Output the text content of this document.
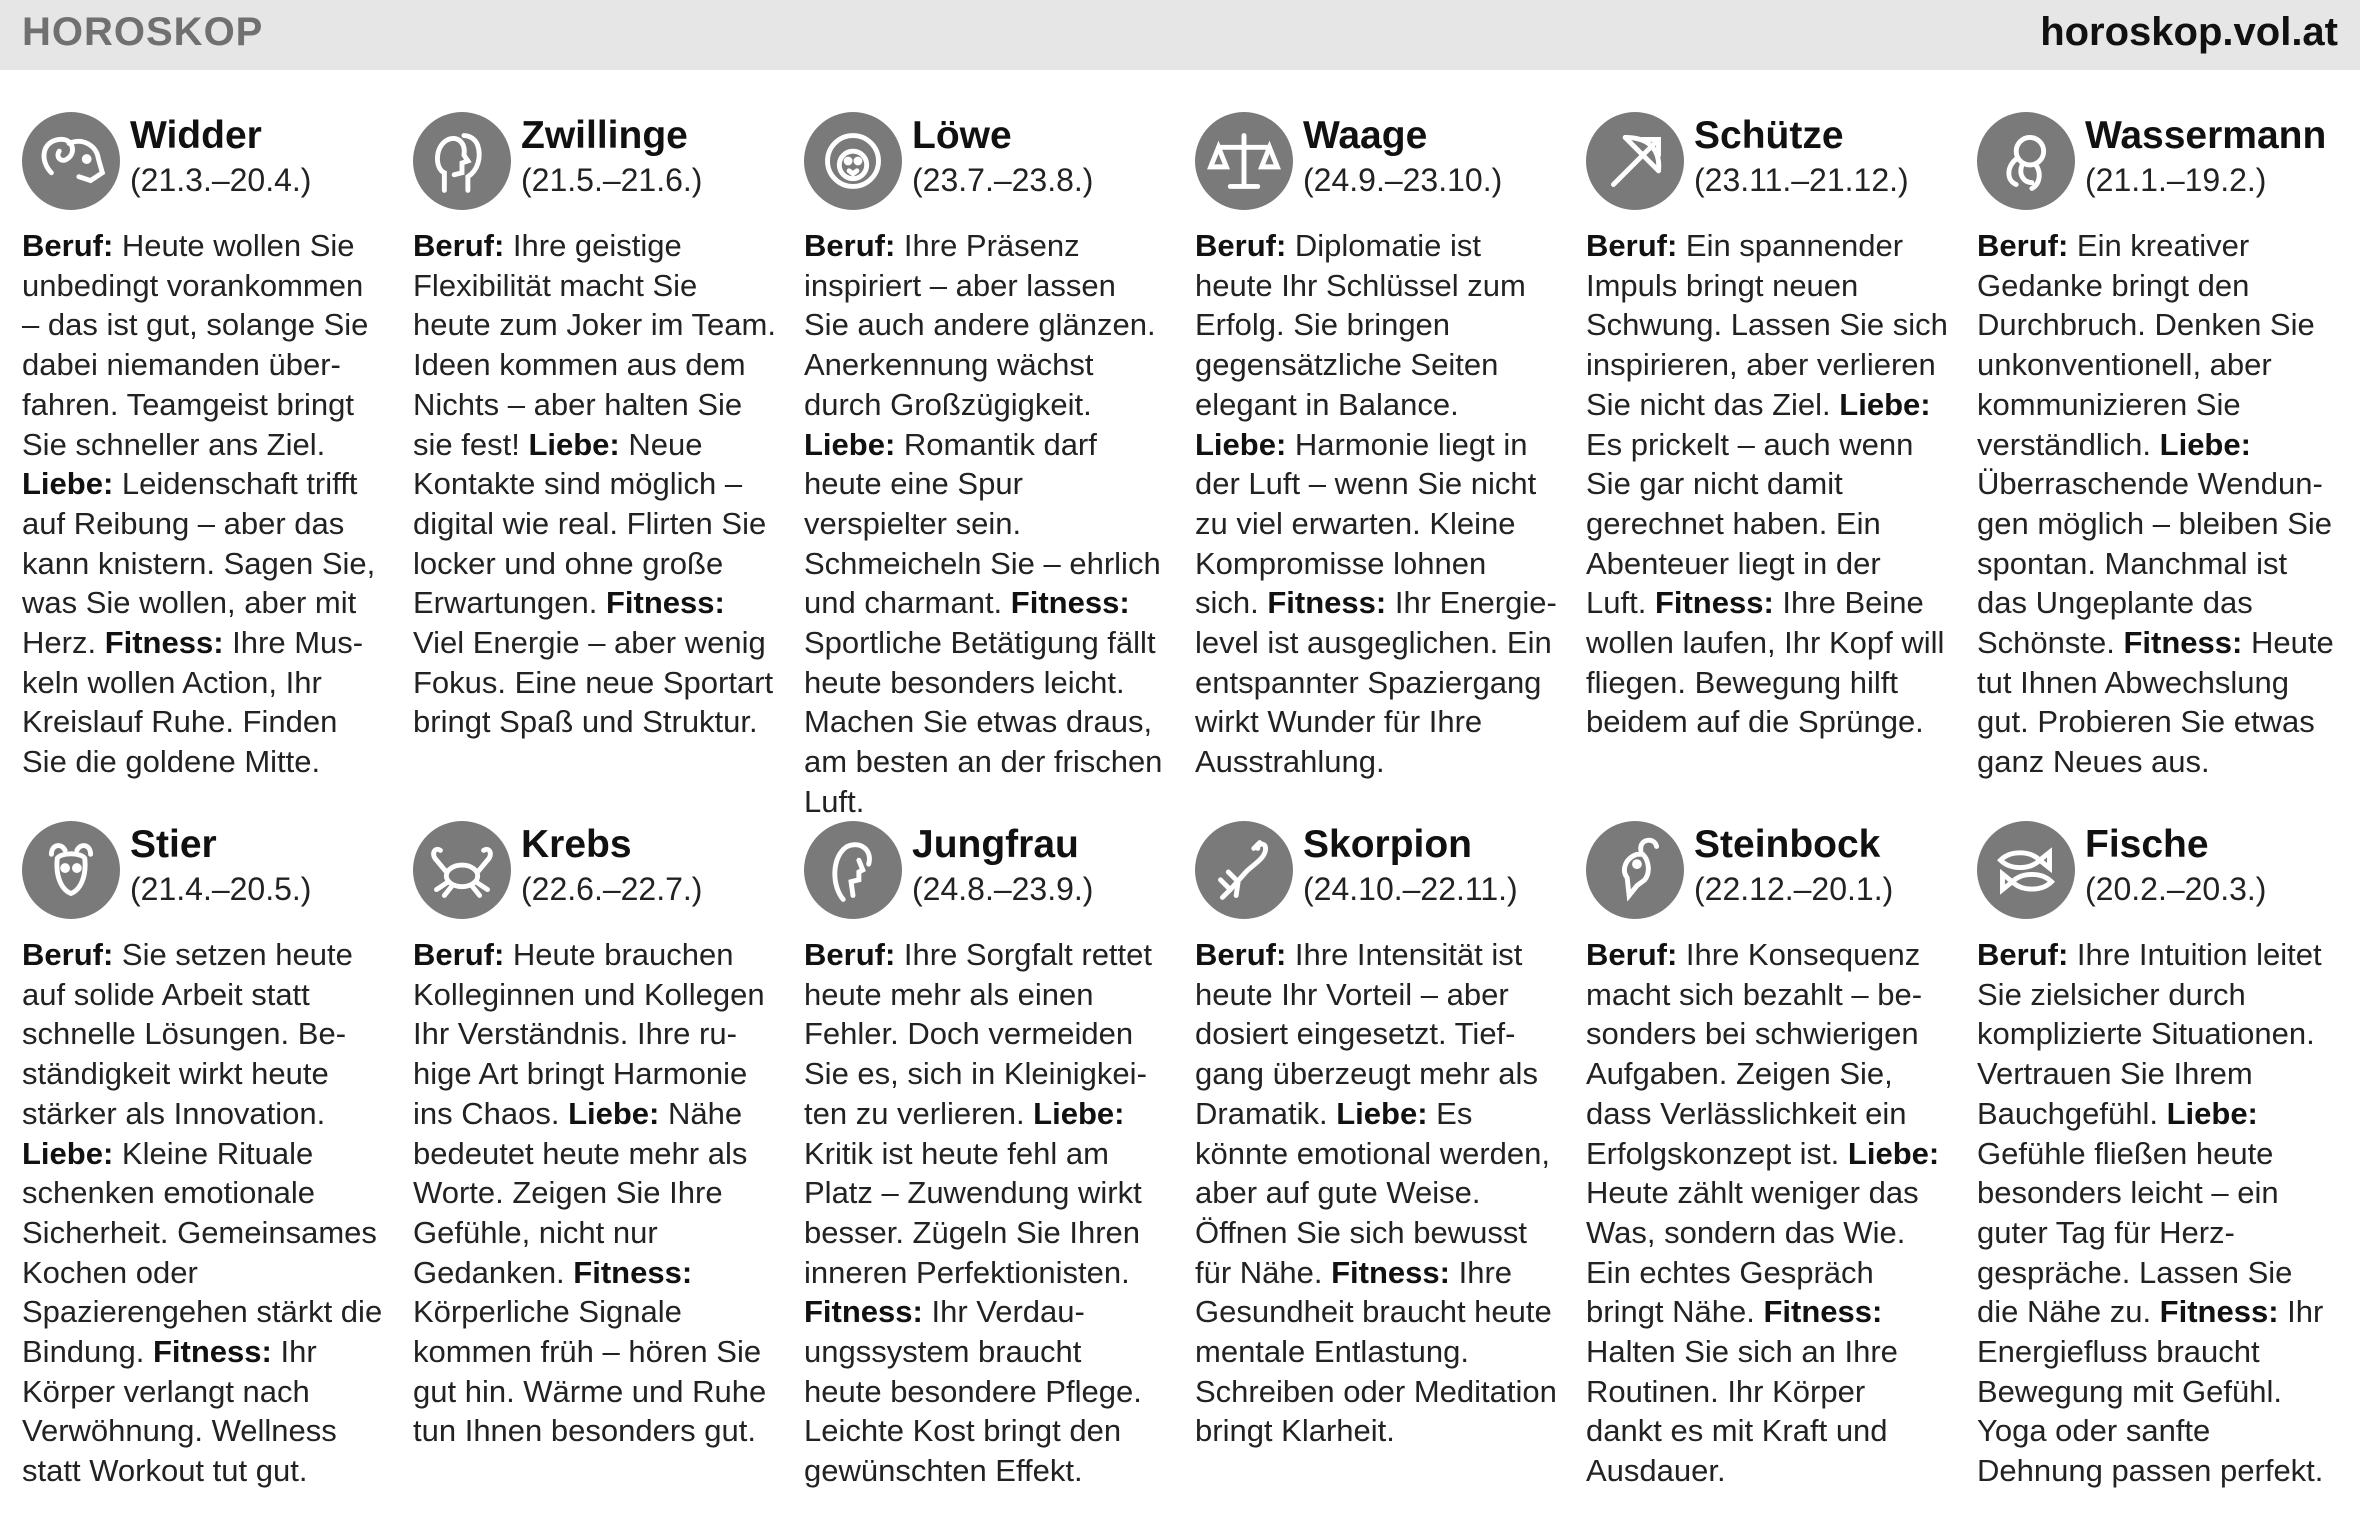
HOROSKOP	horoskop.vol.at
Widder
(21.3.–20.4.)

Beruf: Heute wollen Sie unbedingt vorankommen – das ist gut, solange Sie dabei niemanden überfahren. Teamgeist bringt Sie schneller ans Ziel. Liebe: Leidenschaft trifft auf Reibung – aber das kann knistern. Sagen Sie, was Sie wollen, aber mit Herz. Fitness: Ihre Muskeln wollen Action, Ihr Kreislauf Ruhe. Finden Sie die goldene Mitte.

Zwillinge
(21.5.–21.6.)

Beruf: Ihre geistige Flexibilität macht Sie heute zum Joker im Team. Ideen kommen aus dem Nichts – aber halten Sie sie fest! Liebe: Neue Kontakte sind möglich – digital wie real. Flirten Sie locker und ohne große Erwartungen. Fitness: Viel Energie – aber wenig Fokus. Eine neue Sportart bringt Spaß und Struktur.

Löwe
(23.7.–23.8.)

Beruf: Ihre Präsenz inspiriert – aber lassen Sie auch andere glänzen. Anerkennung wächst durch Großzügigkeit. Liebe: Romantik darf heute eine Spur verspielter sein. Schmeicheln Sie – ehrlich und charmant. Fitness: Sportliche Betätigung fällt heute besonders leicht. Machen Sie etwas draus, am besten an der frischen Luft.

Waage
(24.9.–23.10.)

Beruf: Diplomatie ist heute Ihr Schlüssel zum Erfolg. Sie bringen gegensätzliche Seiten elegant in Balance. Liebe: Harmonie liegt in der Luft – wenn Sie nicht zu viel erwarten. Kleine Kompromisse lohnen sich. Fitness: Ihr Energielevel ist ausgeglichen. Ein entspannter Spaziergang wirkt Wunder für Ihre Ausstrahlung.

Schütze
(23.11.–21.12.)

Beruf: Ein spannender Impuls bringt neuen Schwung. Lassen Sie sich inspirieren, aber verlieren Sie nicht das Ziel. Liebe: Es prickelt – auch wenn Sie gar nicht damit gerechnet haben. Ein Abenteuer liegt in der Luft. Fitness: Ihre Beine wollen laufen, Ihr Kopf will fliegen. Bewegung hilft beidem auf die Sprünge.

Wassermann
(21.1.–19.2.)

Beruf: Ein kreativer Gedanke bringt den Durchbruch. Denken Sie unkonventionell, aber kommunizieren Sie verständlich. Liebe: Überraschende Wendungen möglich – bleiben Sie spontan. Manchmal ist das Ungeplante das Schönste. Fitness: Heute tut Ihnen Abwechslung gut. Probieren Sie etwas ganz Neues aus.

Stier
(21.4.–20.5.)

Beruf: Sie setzen heute auf solide Arbeit statt schnelle Lösungen. Beständigkeit wirkt heute stärker als Innovation. Liebe: Kleine Rituale schenken emotionale Sicherheit. Gemeinsames Kochen oder Spazierengehen stärkt die Bindung. Fitness: Ihr Körper verlangt nach Verwöhnung. Wellness statt Workout tut gut.

Krebs
(22.6.–22.7.)

Beruf: Heute brauchen Kolleginnen und Kollegen Ihr Verständnis. Ihre ruhige Art bringt Harmonie ins Chaos. Liebe: Nähe bedeutet heute mehr als Worte. Zeigen Sie Ihre Gefühle, nicht nur Gedanken. Fitness: Körperliche Signale kommen früh – hören Sie gut hin. Wärme und Ruhe tun Ihnen besonders gut.

Jungfrau
(24.8.–23.9.)

Beruf: Ihre Sorgfalt rettet heute mehr als einen Fehler. Doch vermeiden Sie es, sich in Kleinigkeiten zu verlieren. Liebe: Kritik ist heute fehl am Platz – Zuwendung wirkt besser. Zügeln Sie Ihren inneren Perfektionisten. Fitness: Ihr Verdauungssystem braucht heute besondere Pflege. Leichte Kost bringt den gewünschten Effekt.

Skorpion
(24.10.–22.11.)

Beruf: Ihre Intensität ist heute Ihr Vorteil – aber dosiert eingesetzt. Tiefgang überzeugt mehr als Dramatik. Liebe: Es könnte emotional werden, aber auf gute Weise. Öffnen Sie sich bewusst für Nähe. Fitness: Ihre Gesundheit braucht heute mentale Entlastung. Schreiben oder Meditation bringt Klarheit.

Steinbock
(22.12.–20.1.)

Beruf: Ihre Konsequenz macht sich bezahlt – besonders bei schwierigen Aufgaben. Zeigen Sie, dass Verlässlichkeit ein Erfolgskonzept ist. Liebe: Heute zählt weniger das Was, sondern das Wie. Ein echtes Gespräch bringt Nähe. Fitness: Halten Sie sich an Ihre Routinen. Ihr Körper dankt es mit Kraft und Ausdauer.

Fische
(20.2.–20.3.)

Beruf: Ihre Intuition leitet Sie zielsicher durch komplizierte Situationen. Vertrauen Sie Ihrem Bauchgefühl. Liebe: Gefühle fließen heute besonders leicht – ein guter Tag für Herzgespräche. Lassen Sie die Nähe zu. Fitness: Ihr Energiefluss braucht Bewegung mit Gefühl. Yoga oder sanfte Dehnung passen perfekt.
